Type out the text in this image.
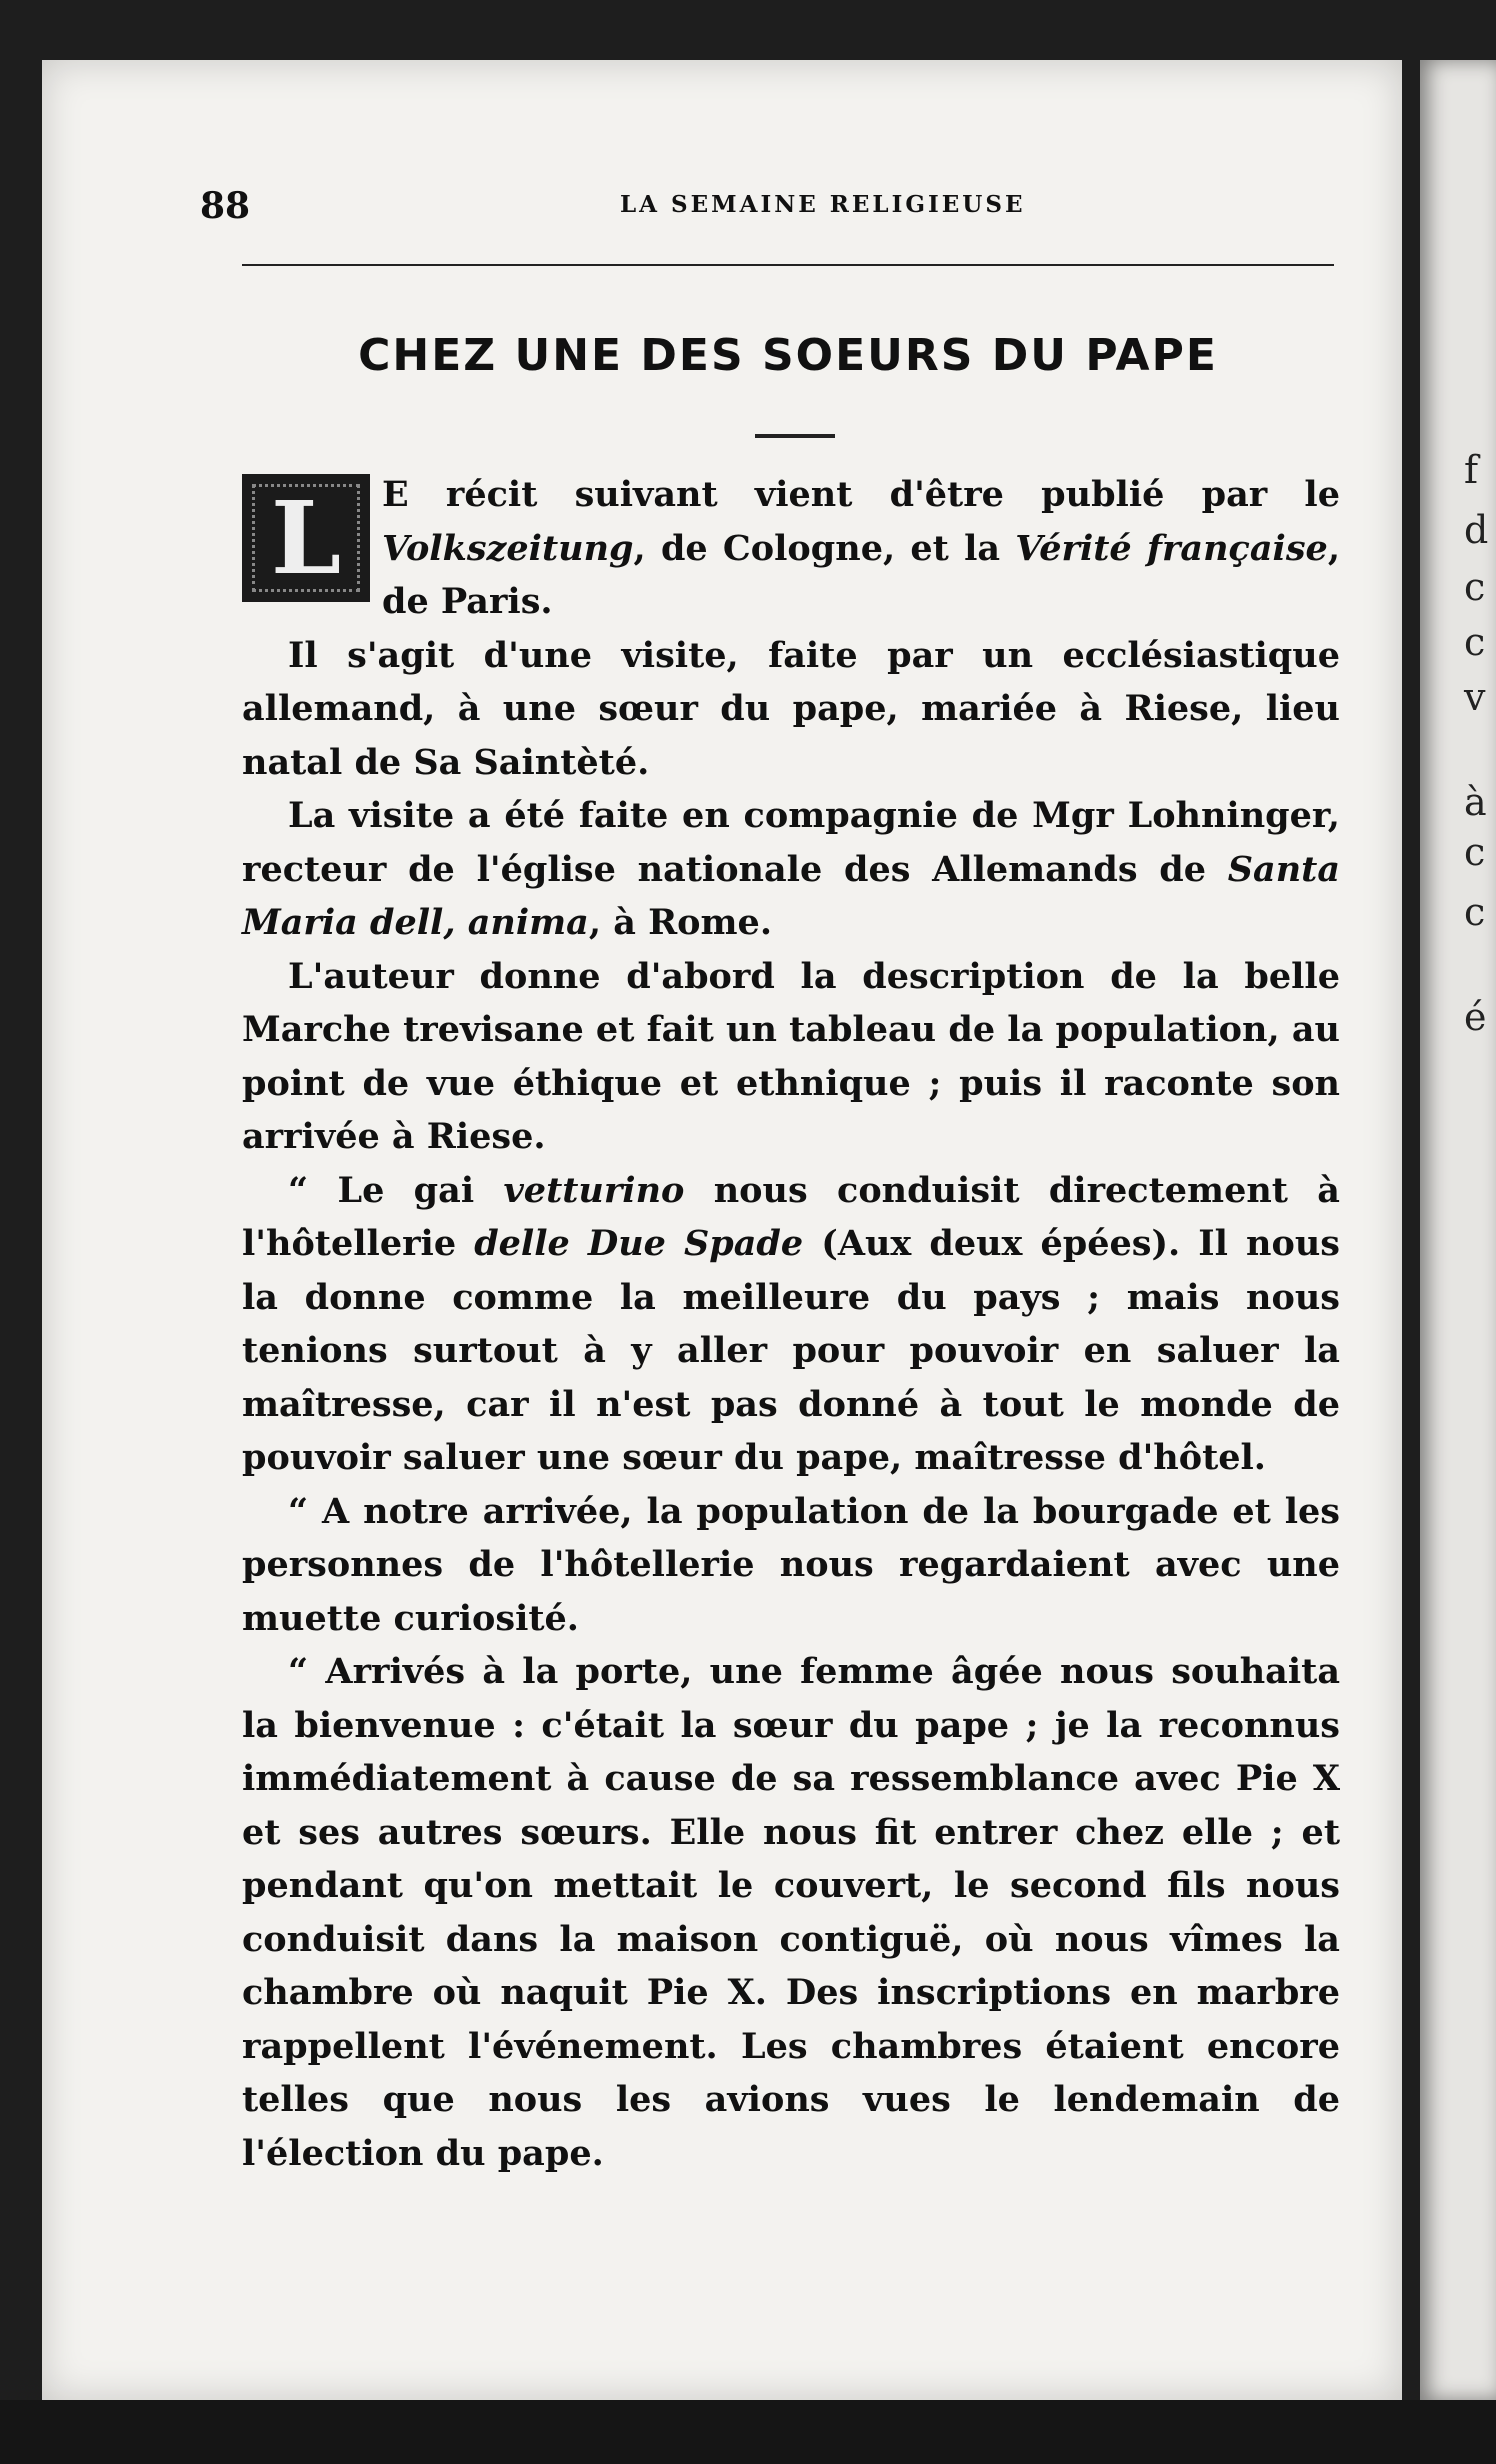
f
d
c
c
v
à
c
c
é
88	LA SEMAINE RELIGIEUSE
CHEZ UNE DES SOEURS DU PAPE

L	E récit suivant vient d'être publié par le Volkszeitung, de Cologne, et la Vérité française, de Paris.

Il s'agit d'une visite, faite par un ecclésiastique allemand, à une sœur du pape, mariée à Riese, lieu natal de Sa Saintèté.

La visite a été faite en compagnie de Mgr Lohninger, recteur de l'église nationale des Allemands de Santa Maria dell, anima, à Rome.

L'auteur donne d'abord la description de la belle Marche trevisane et fait un tableau de la population, au point de vue éthique et ethnique ; puis il raconte son arrivée à Riese.

“ Le gai vetturino nous conduisit directement à l'hôtellerie delle Due Spade (Aux deux épées). Il nous la donne comme la meilleure du pays ; mais nous tenions surtout à y aller pour pouvoir en saluer la maîtresse, car il n'est pas donné à tout le monde de pouvoir saluer une sœur du pape, maîtresse d'hôtel.

“ A notre arrivée, la population de la bourgade et les personnes de l'hôtellerie nous regardaient avec une muette curiosité.

“ Arrivés à la porte, une femme âgée nous souhaita la bienvenue : c'était la sœur du pape ; je la reconnus immédiatement à cause de sa ressemblance avec Pie X et ses autres sœurs. Elle nous fit entrer chez elle ; et pendant qu'on mettait le couvert, le second fils nous conduisit dans la maison contiguë, où nous vîmes la chambre où naquit Pie X. Des inscriptions en marbre rappellent l'événement. Les chambres étaient encore telles que nous les avions vues le lendemain de l'élection du pape.
